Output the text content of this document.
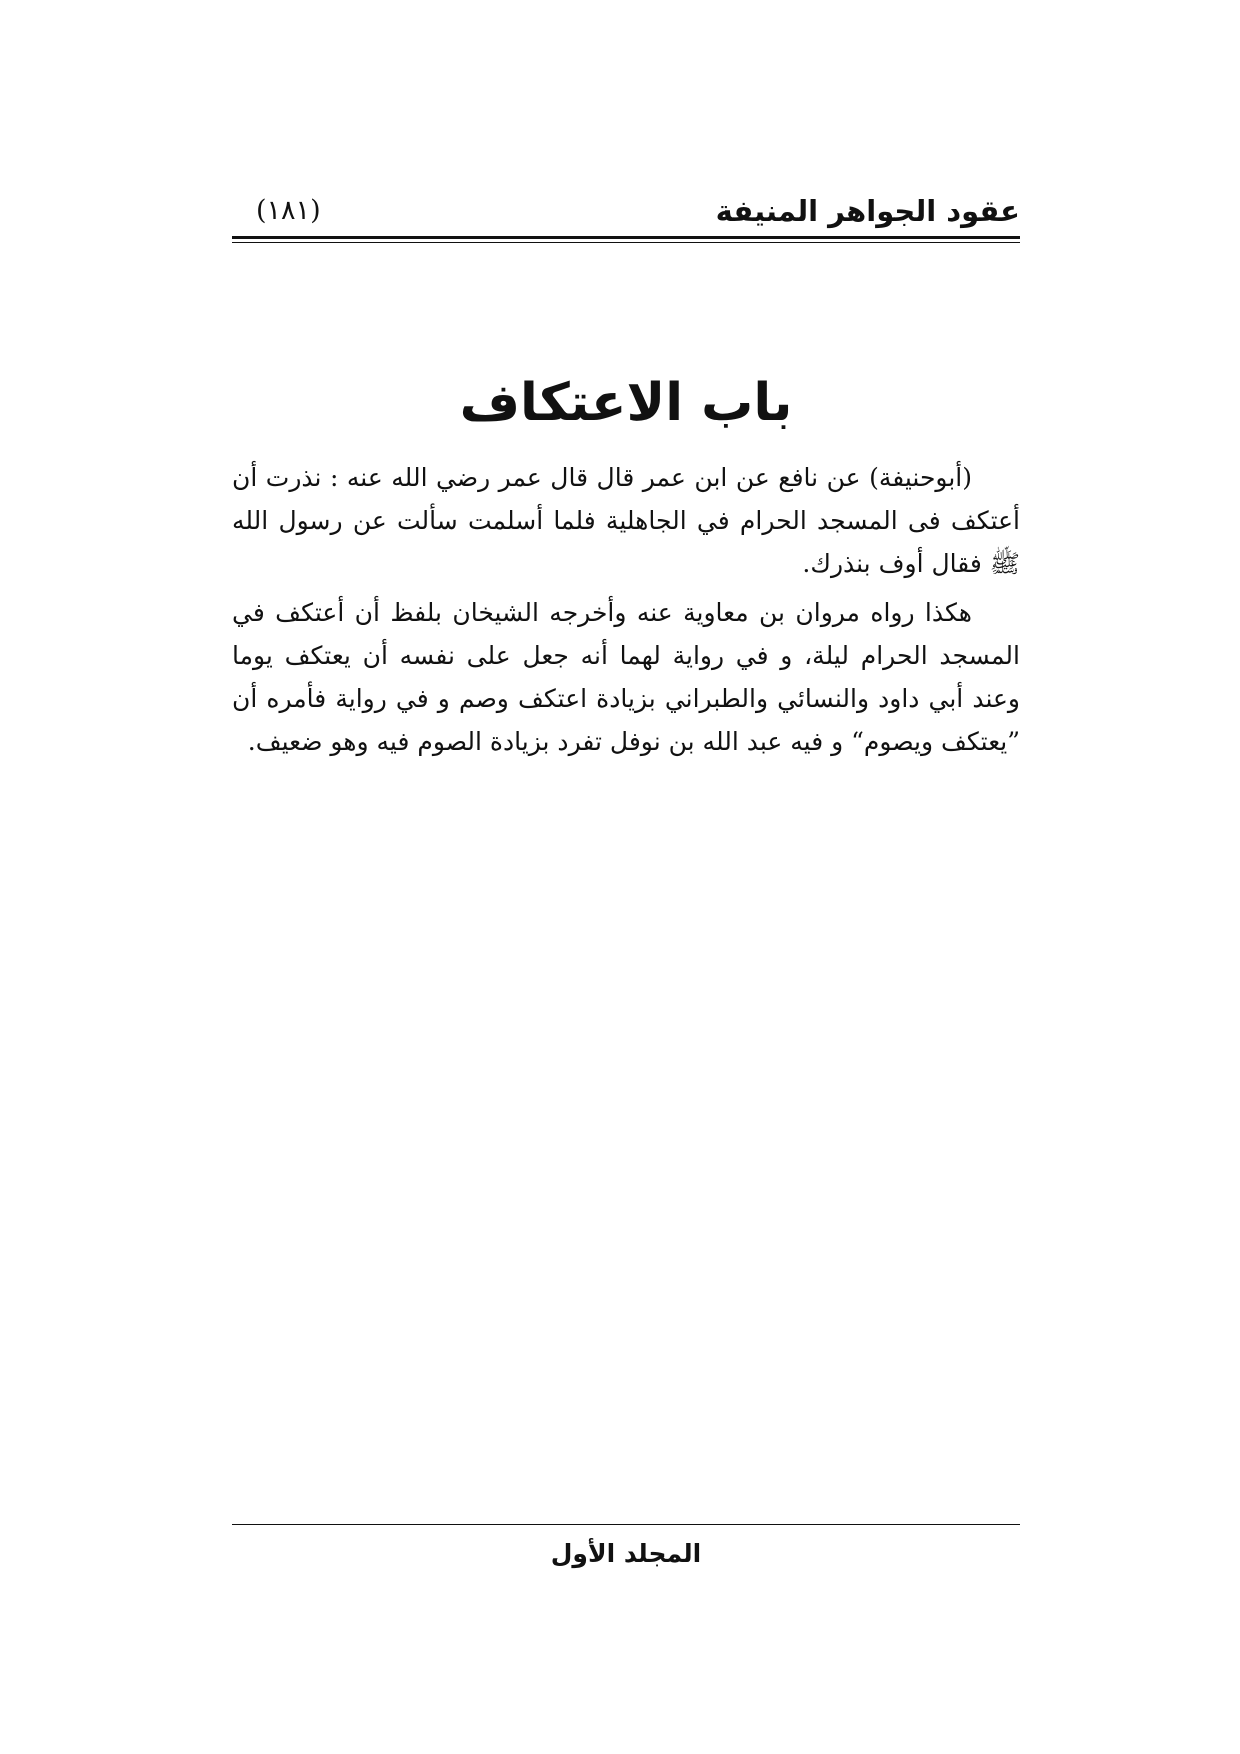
عقود الجواهر المنيفة
(١٨١)
باب الاعتكاف

(أبوحنيفة) عن نافع عن ابن عمر قال قال عمر رضي الله عنه : نذرت أن أعتكف فى المسجد الحرام في الجاهلية فلما أسلمت سألت عن رسول الله ﷺ فقال أوف بنذرك.

هكذا رواه مروان بن معاوية عنه وأخرجه الشيخان بلفظ أن أعتكف في المسجد الحرام ليلة، و في رواية لهما أنه جعل على نفسه أن يعتكف يوما وعند أبي داود والنسائي والطبراني بزيادة اعتكف وصم و في رواية فأمره أن ”يعتكف ويصوم“ و فيه عبد الله بن نوفل تفرد بزيادة الصوم فيه وهو ضعيف.

المجلد الأول
